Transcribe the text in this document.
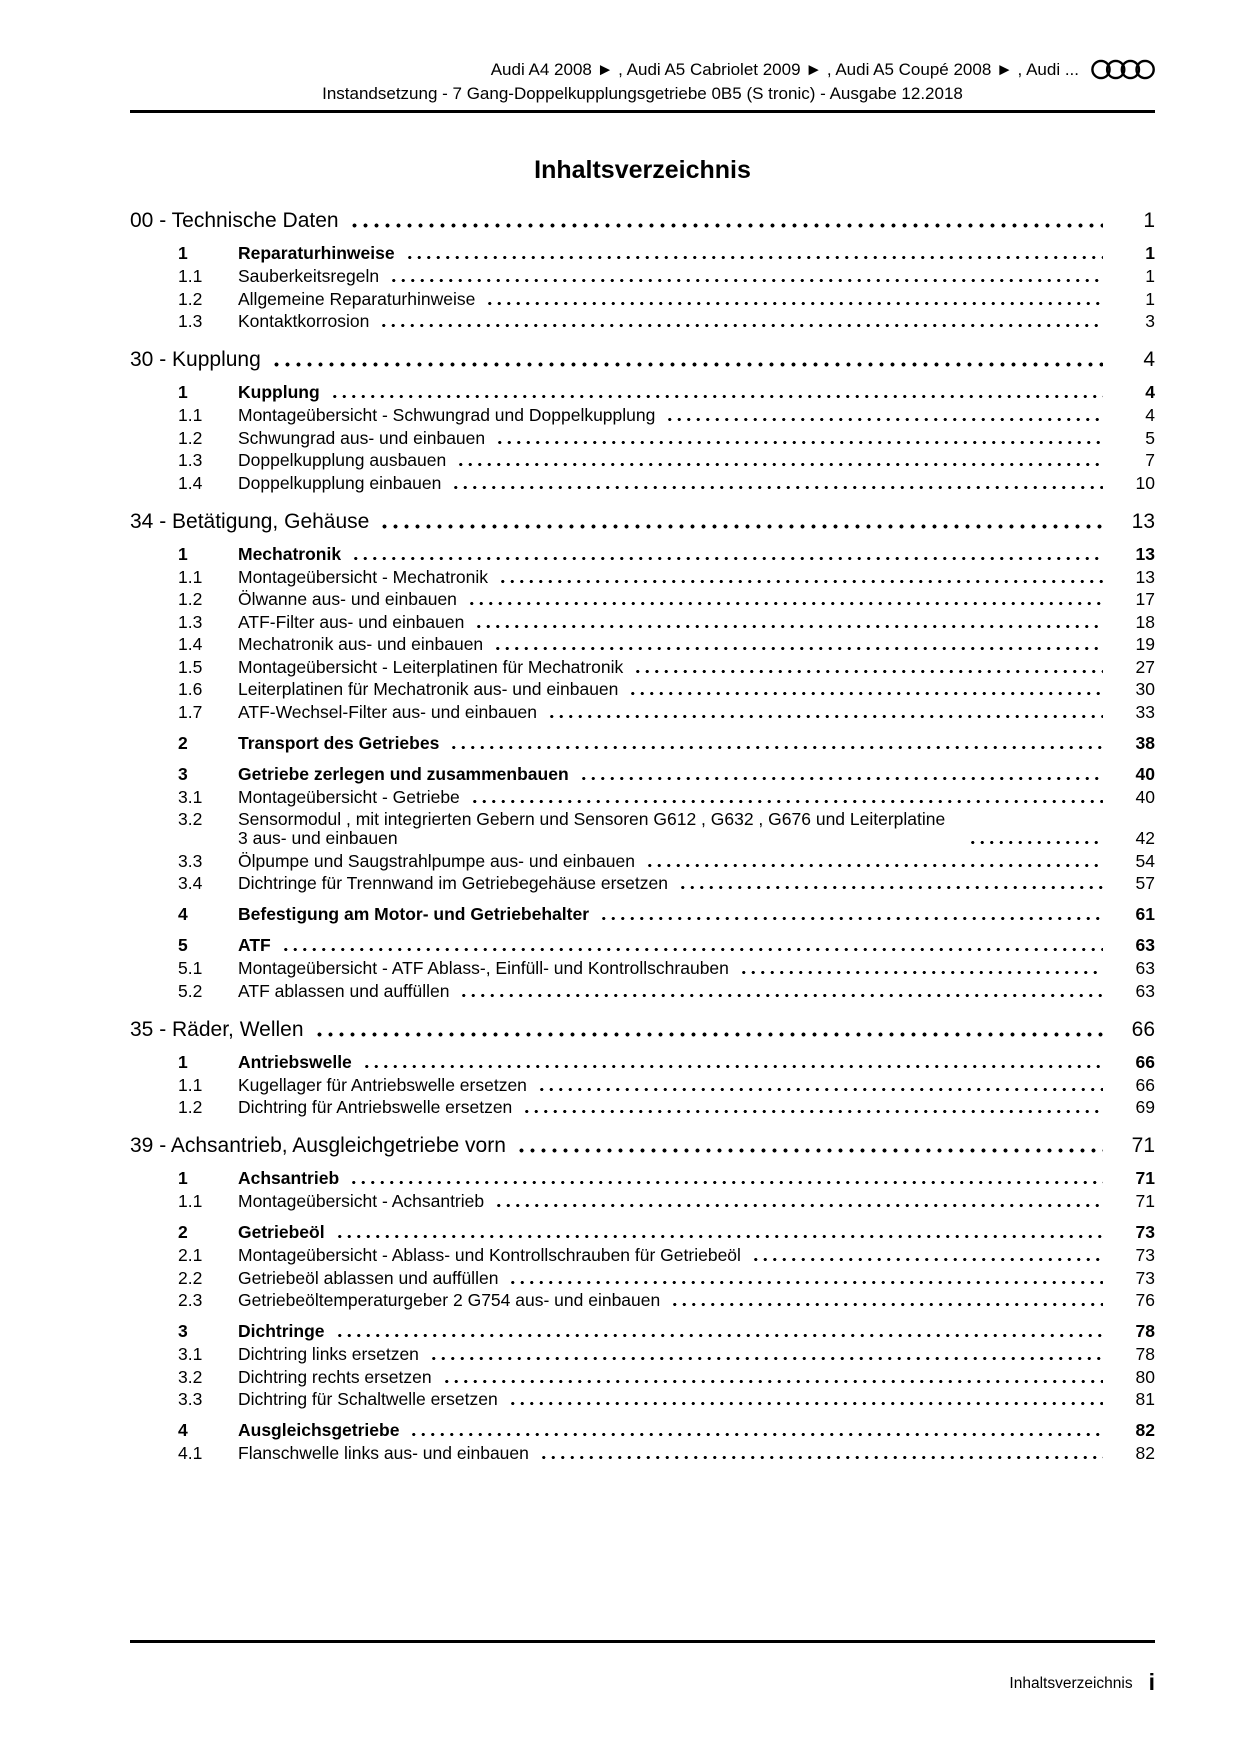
Audi A4 2008 ► , Audi A5 Cabriolet 2009 ► , Audi A5 Coupé 2008 ► , Audi ...
Instandsetzung - 7 Gang-Doppelkupplungsgetriebe 0B5 (S tronic) - Ausgabe 12.2018
Inhaltsverzeichnis
00 - Technische Daten	1
1	Reparaturhinweise	1
1.1	Sauberkeitsregeln	1
1.2	Allgemeine Reparaturhinweise	1
1.3	Kontaktkorrosion	3
30 - Kupplung	4
1	Kupplung	4
1.1	Montageübersicht - Schwungrad und Doppelkupplung	4
1.2	Schwungrad aus- und einbauen	5
1.3	Doppelkupplung ausbauen	7
1.4	Doppelkupplung einbauen	10
34 - Betätigung, Gehäuse	13
1	Mechatronik	13
1.1	Montageübersicht - Mechatronik	13
1.2	Ölwanne aus- und einbauen	17
1.3	ATF-Filter aus- und einbauen	18
1.4	Mechatronik aus- und einbauen	19
1.5	Montageübersicht - Leiterplatinen für Mechatronik	27
1.6	Leiterplatinen für Mechatronik aus- und einbauen	30
1.7	ATF-Wechsel-Filter aus- und einbauen	33
2	Transport des Getriebes	38
3	Getriebe zerlegen und zusammenbauen	40
3.1	Montageübersicht - Getriebe	40
3.2	Sensormodul , mit integrierten Gebern und Sensoren G612 , G632 , G676 und Leiterplatine 3 aus- und einbauen	42
3.3	Ölpumpe und Saugstrahlpumpe aus- und einbauen	54
3.4	Dichtringe für Trennwand im Getriebegehäuse ersetzen	57
4	Befestigung am Motor- und Getriebehalter	61
5	ATF	63
5.1	Montageübersicht - ATF Ablass-, Einfüll- und Kontrollschrauben	63
5.2	ATF ablassen und auffüllen	63
35 - Räder, Wellen	66
1	Antriebswelle	66
1.1	Kugellager für Antriebswelle ersetzen	66
1.2	Dichtring für Antriebswelle ersetzen	69
39 - Achsantrieb, Ausgleichgetriebe vorn	71
1	Achsantrieb	71
1.1	Montageübersicht - Achsantrieb	71
2	Getriebeöl	73
2.1	Montageübersicht - Ablass- und Kontrollschrauben für Getriebeöl	73
2.2	Getriebeöl ablassen und auffüllen	73
2.3	Getriebeöltemperaturgeber 2 G754 aus- und einbauen	76
3	Dichtringe	78
3.1	Dichtring links ersetzen	78
3.2	Dichtring rechts ersetzen	80
3.3	Dichtring für Schaltwelle ersetzen	81
4	Ausgleichsgetriebe	82
4.1	Flanschwelle links aus- und einbauen	82
Inhaltsverzeichnis i
